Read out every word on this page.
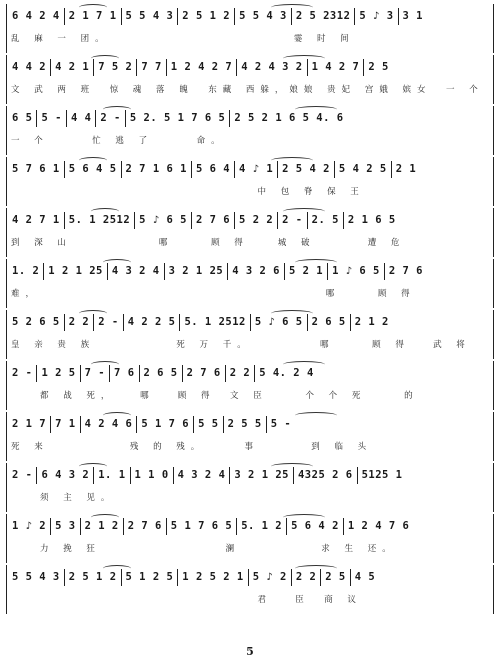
6 4 2 4 2 1 7 1 5 5 4 3 2 5 1 2 5 5 4 3 2 5 2312 5 ♪ 3 3 1
乱 麻 一 团。　　　　　　　　　　　　　霎 时 间
4 4 2 4 2 1 7 5 2 7 7 1 2 4 2 7 4 2 4 3 2 1 4 2 7 2 5
文 武 两 班　惊 魂 落 魄　东藏 西躲，娘娘 贵妃 宫娥 嫔女　一 个
6 5 5 - 4 4 2 - 5 2. 5 1 7 6 5 2 5 2 1 6 5 4. 6
一 个　　　忙 逃 了　　　命。
5 7 6 1 5 6 4 5 2 7 1 6 1 5 6 4 4 ♪ 1 2 5 4 2 5 4 2 5 2 1
　　　　　　　　　　　　　　　　　中 包 脊 保 王
4 2 7 1 5. 1 2512 5 ♪ 6 5 2 7 6 5 2 2 2 - 2. 5 2 1 6 5
到 深 山　　　　　　哪　　 顾 得　　城 破　　　 遭 危
1. 2 1 2 1 25 4 3 2 4 3 2 1 25 4 3 2 6 5 2 1 1 ♪ 6 5 2 7 6
难，　　　　　　　　　　　　　　　　　　　　哪　　 顾 得
5 2 6 5 2 2 2 - 4 2 2 5 5. 1 2512 5 ♪ 6 5 2 6 5 2 1 2
皇 亲 贵 族　　　　　 死 万 千。　　　　　哪　　 顾 得　 武 将
2 - 1 2 5 7 - 7 6 2 6 5 2 7 6 2 2 5 4. 2 4
　　都 战 死，　　哪　 顾 得　文 臣　　 个 个 死　　 的
2 1 7 7 1 4 2 4 6 5 1 7 6 5 5 2 5 5 5 -
死 来　　　　　 残 的 残。　　　事　　　 到 临 头
2 - 6 4 3 2 1. 1 1 1 0 4 3 2 4 3 2 1 25 4325 2 6 5125 1
　　须 主 见。
1 ♪ 2 5 3 2 1 2 2 7 6 5 1 7 6 5 5. 1 2 5 6 4 2 1 2 4 7 6
　　力 挽 狂　　　　　　　　 澜　　　　　 求 生 还。
5 5 4 3 2 5 1 2 5 1 2 5 1 2 5 2 1 5 ♪ 2 2 2 2 5 4 5
　　　　　　　　　　　　　　　　　君　 臣　商 议
5
